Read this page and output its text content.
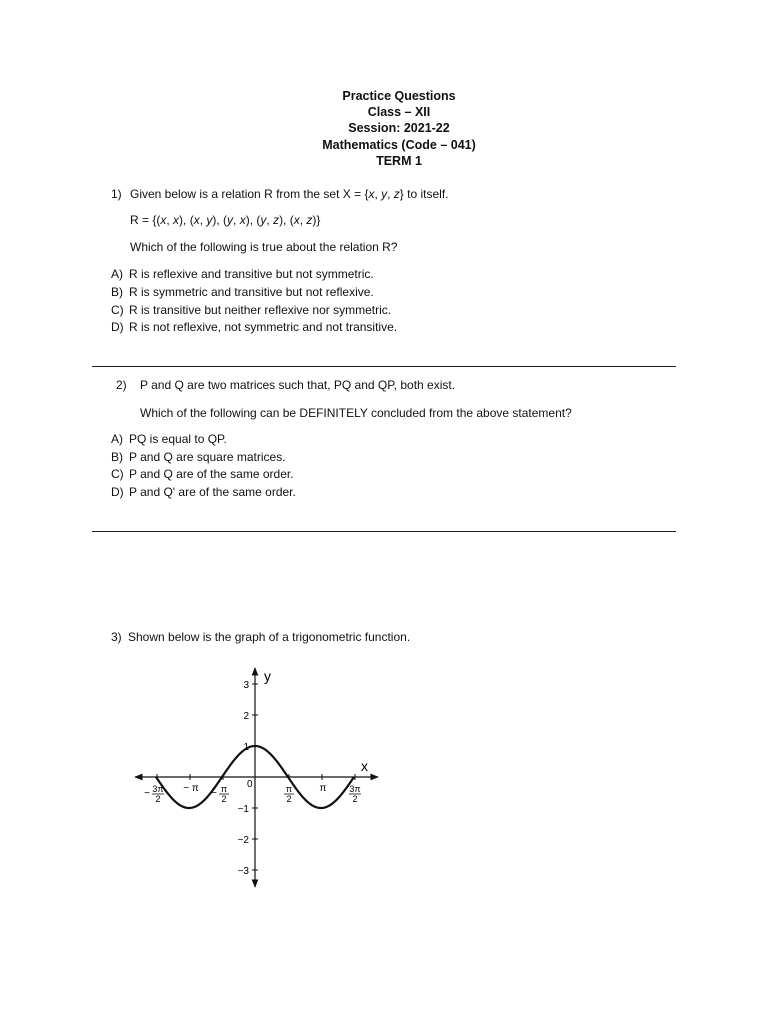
Practice Questions
Class – XII
Session: 2021-22
Mathematics (Code – 041)
TERM 1
1) Given below is a relation R from the set X = {x, y, z} to itself.
R = {(x, x), (x, y), (y, x), (y, z), (x, z)}
Which of the following is true about the relation R?
A) R is reflexive and transitive but not symmetric.
B) R is symmetric and transitive but not reflexive.
C) R is transitive but neither reflexive nor symmetric.
D) R is not reflexive, not symmetric and not transitive.
2) P and Q are two matrices such that, PQ and QP, both exist.
Which of the following can be DEFINITELY concluded from the above statement?
A) PQ is equal to QP.
B) P and Q are square matrices.
C) P and Q are of the same order.
D) P and Q' are of the same order.
3) Shown below is the graph of a trigonometric function.
y
x
0
3
2
1
−1
−2
−3
− 3π
2
− π − π
2
π
2
π	3π
2
